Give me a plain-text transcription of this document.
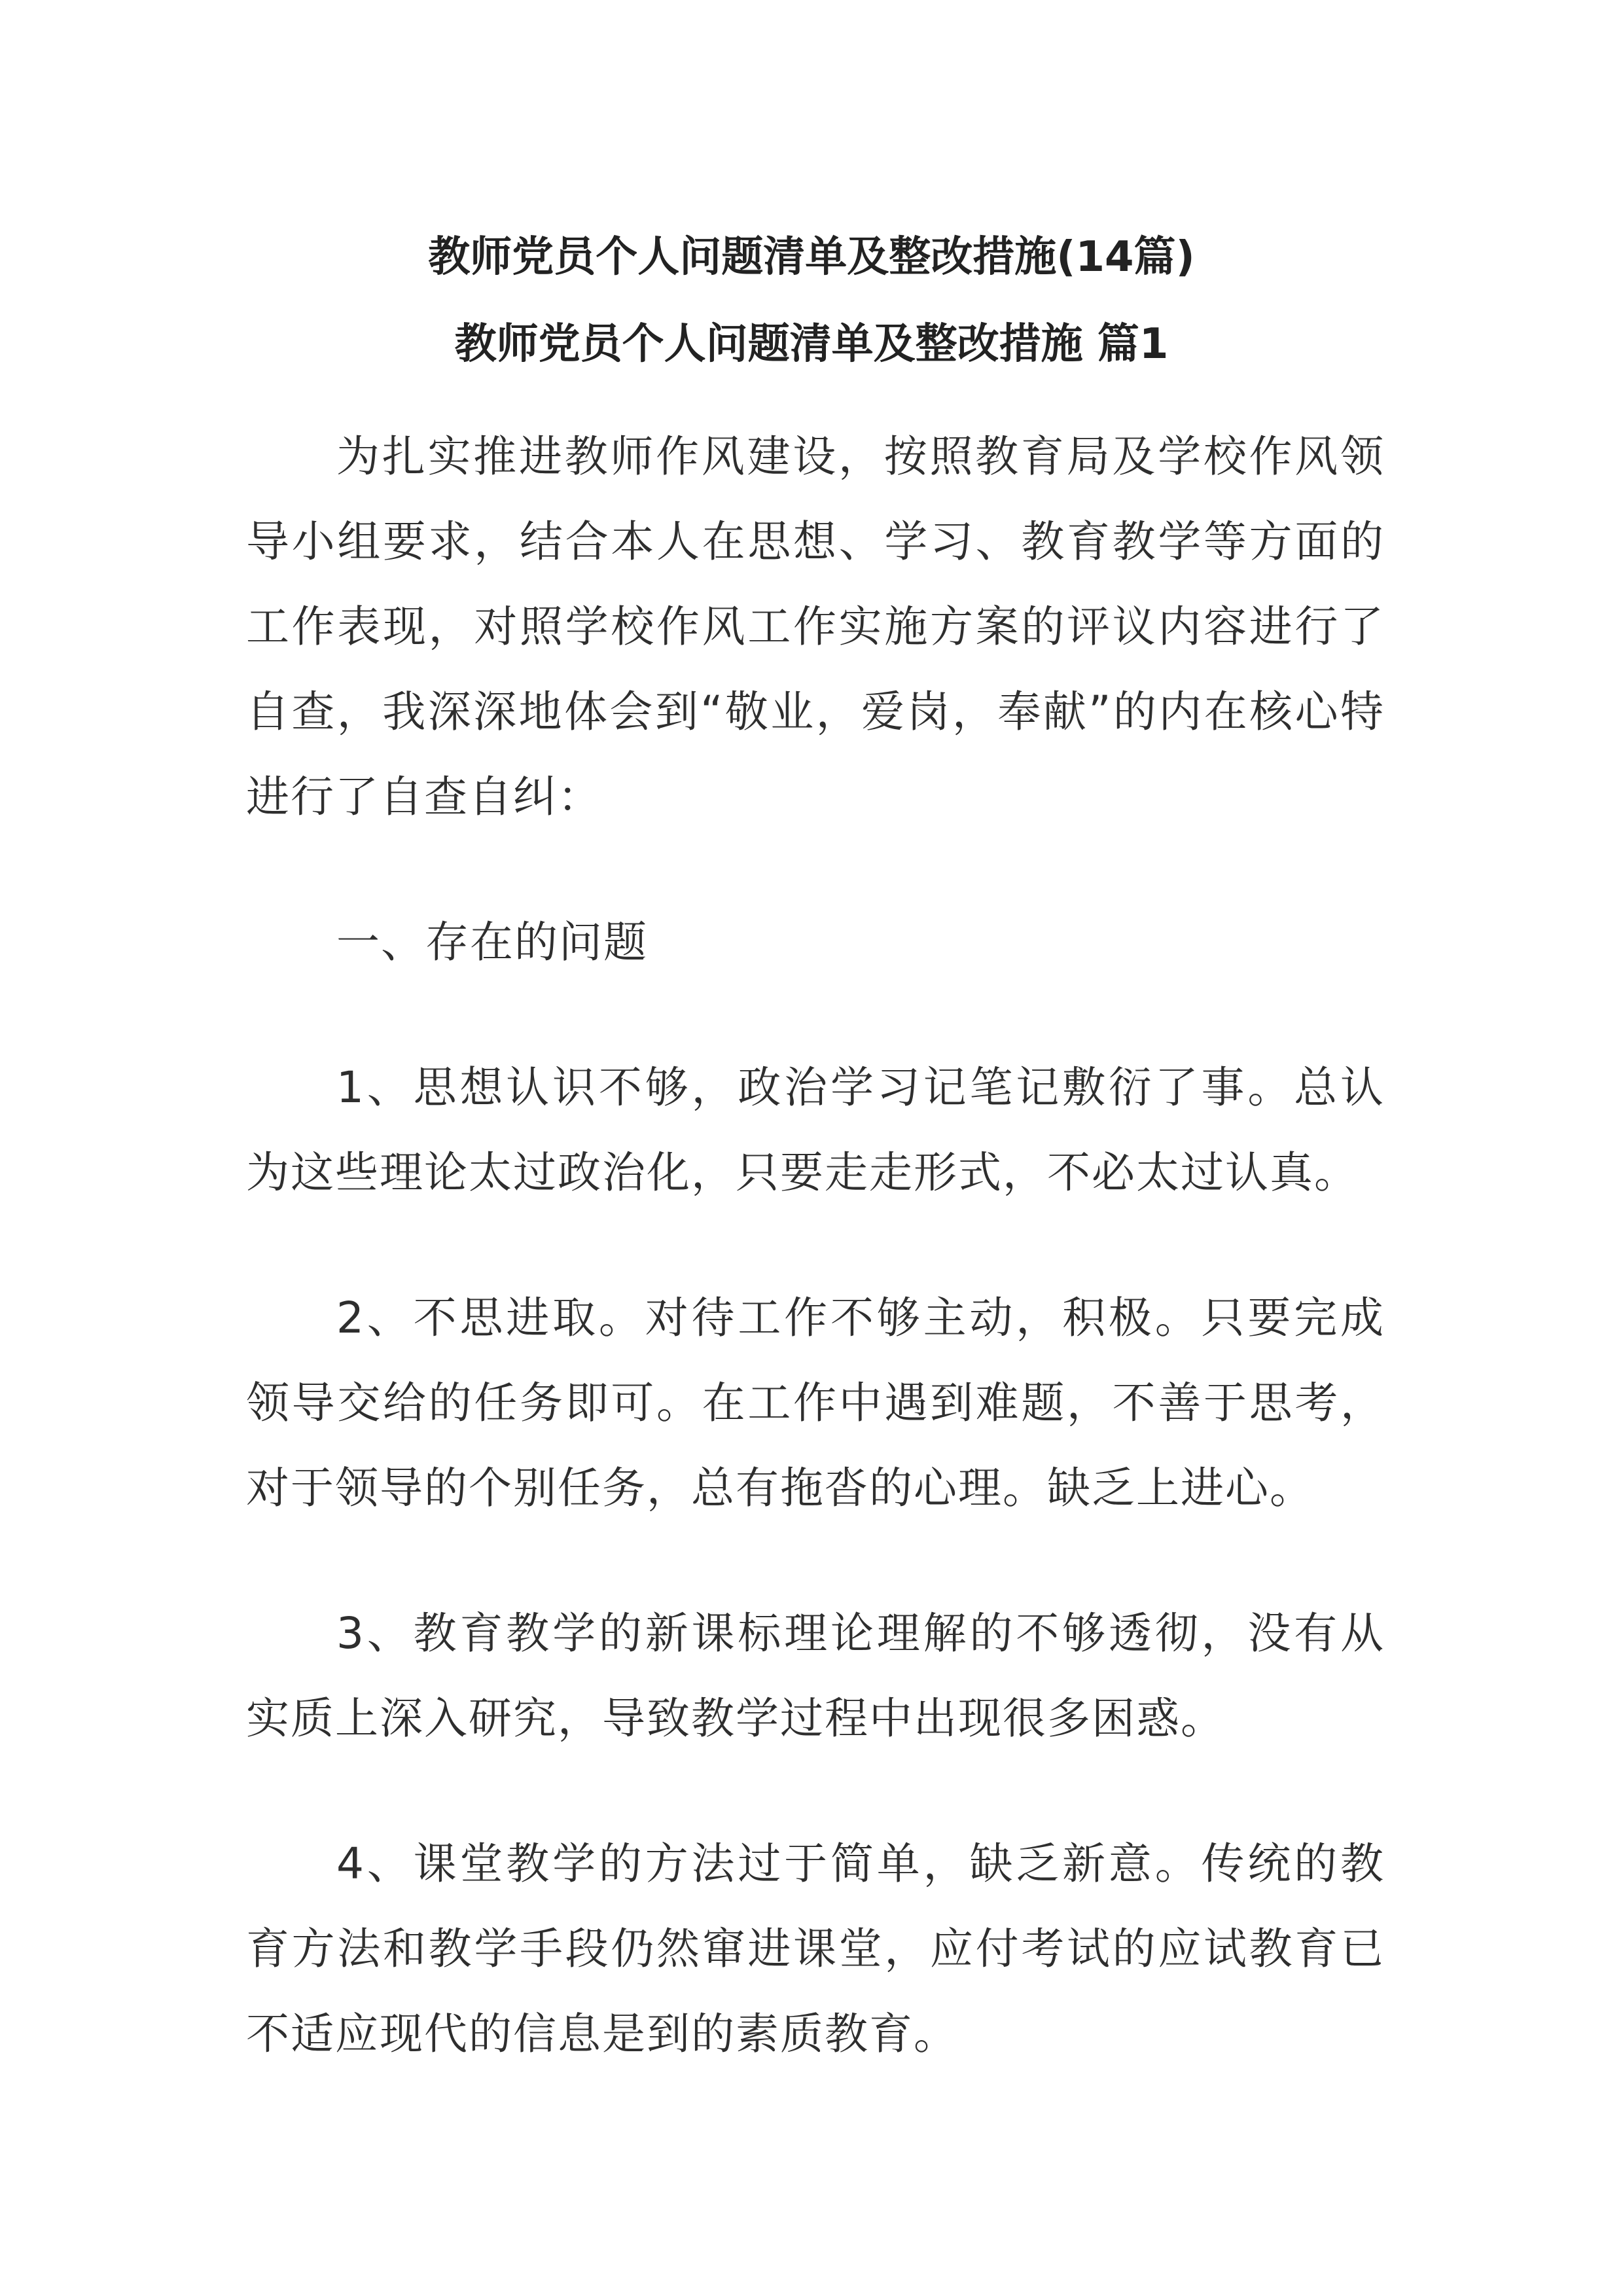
教师党员个人问题清单及整改措施(14篇)
教师党员个人问题清单及整改措施 篇1

为扎实推进教师作风建设，按照教育局及学校作风领导小组要求，结合本人在思想、学习、教育教学等方面的工作表现，对照学校作风工作实施方案的评议内容进行了自查，我深深地体会到“敬业，爱岗，奉献”的内在核心特进行了自查自纠：

一、存在的问题

1、思想认识不够，政治学习记笔记敷衍了事。总认为这些理论太过政治化，只要走走形式，不必太过认真。

2、不思进取。对待工作不够主动，积极。只要完成领导交给的任务即可。在工作中遇到难题，不善于思考，对于领导的个别任务，总有拖沓的心理。缺乏上进心。

3、教育教学的新课标理论理解的不够透彻，没有从实质上深入研究，导致教学过程中出现很多困惑。

4、课堂教学的方法过于简单，缺乏新意。传统的教育方法和教学手段仍然窜进课堂，应付考试的应试教育已不适应现代的信息是到的素质教育。
